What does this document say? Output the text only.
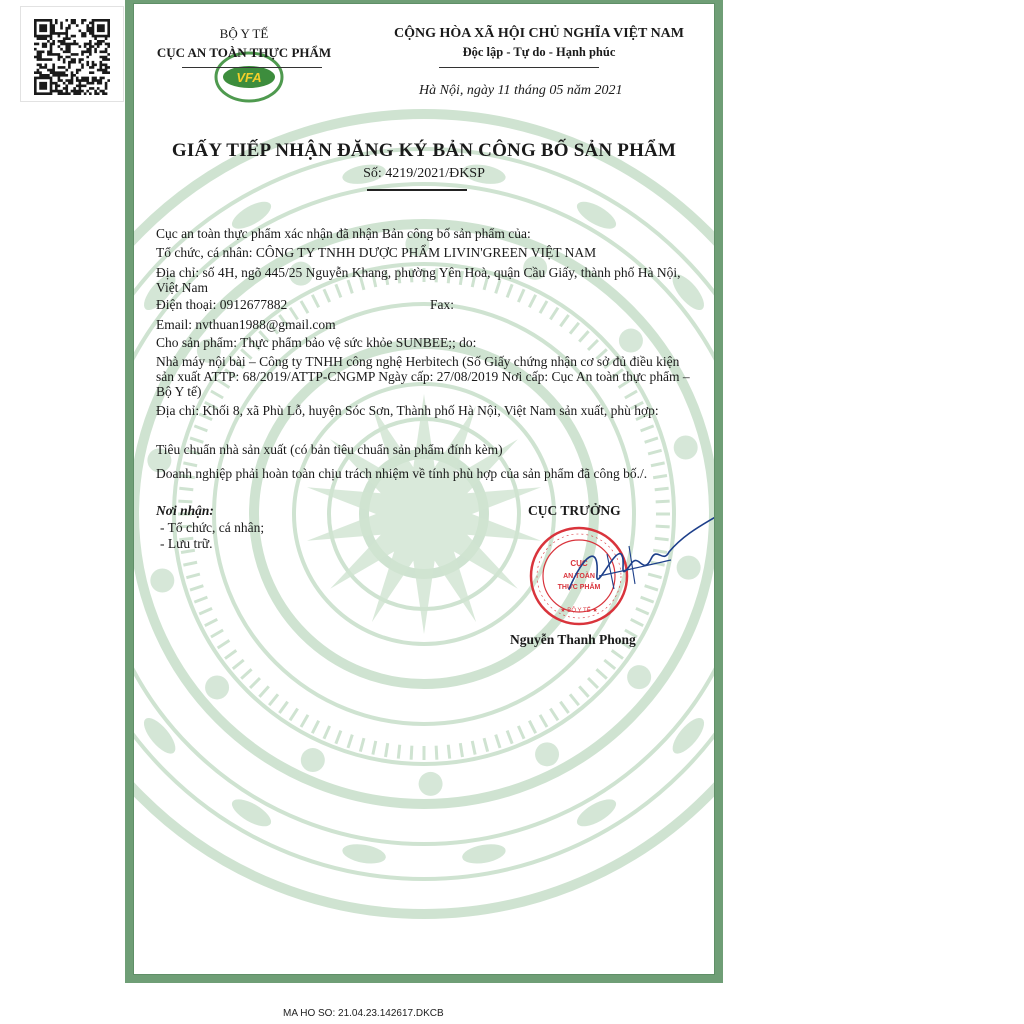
VFA
BỘ Y TẾ
CỤC AN TOÀN THỰC PHẨM
CỘNG HÒA XÃ HỘI CHỦ NGHĨA VIỆT NAM
Độc lập - Tự do - Hạnh phúc
Hà Nội, ngày 11 tháng 05 năm 2021
GIẤY TIẾP NHẬN ĐĂNG KÝ BẢN CÔNG BỐ SẢN PHẨM
Số: 4219/2021/ĐKSP
Cục an toàn thực phẩm xác nhận đã nhận Bản công bố sản phẩm của:
Tổ chức, cá nhân: CÔNG TY TNHH DƯỢC PHẨM LIVIN'GREEN VIỆT NAM
Địa chỉ: số 4H, ngõ 445/25 Nguyễn Khang, phường Yên Hoà, quận Cầu Giấy, thành phố Hà Nội, Việt Nam
Điện thoại: 0912677882	Fax:
Email: nvthuan1988@gmail.com
Cho sản phẩm: Thực phẩm bảo vệ sức khỏe SUNBEE;; do:
Nhà máy nội bài – Công ty TNHH công nghệ Herbitech (Số Giấy chứng nhận cơ sở đủ điều kiện sản xuất ATTP: 68/2019/ATTP-CNGMP Ngày cấp: 27/08/2019 Nơi cấp: Cục An toàn thực phẩm – Bộ Y tế)
Địa chỉ: Khối 8, xã Phù Lỗ, huyện Sóc Sơn, Thành phố Hà Nội, Việt Nam sản xuất, phù hợp:
Tiêu chuẩn nhà sản xuất (có bản tiêu chuẩn sản phẩm đính kèm)
Doanh nghiệp phải hoàn toàn chịu trách nhiệm về tính phù hợp của sản phẩm đã công bố./.
Nơi nhận:
- Tổ chức, cá nhân;
- Lưu trữ.
CỤC TRƯỞNG
CỤC
AN TOÀN
THỰC PHẨM
★ BỘ Y TẾ ★
Nguyễn Thanh Phong
MA HO SO: 21.04.23.142617.DKCB
